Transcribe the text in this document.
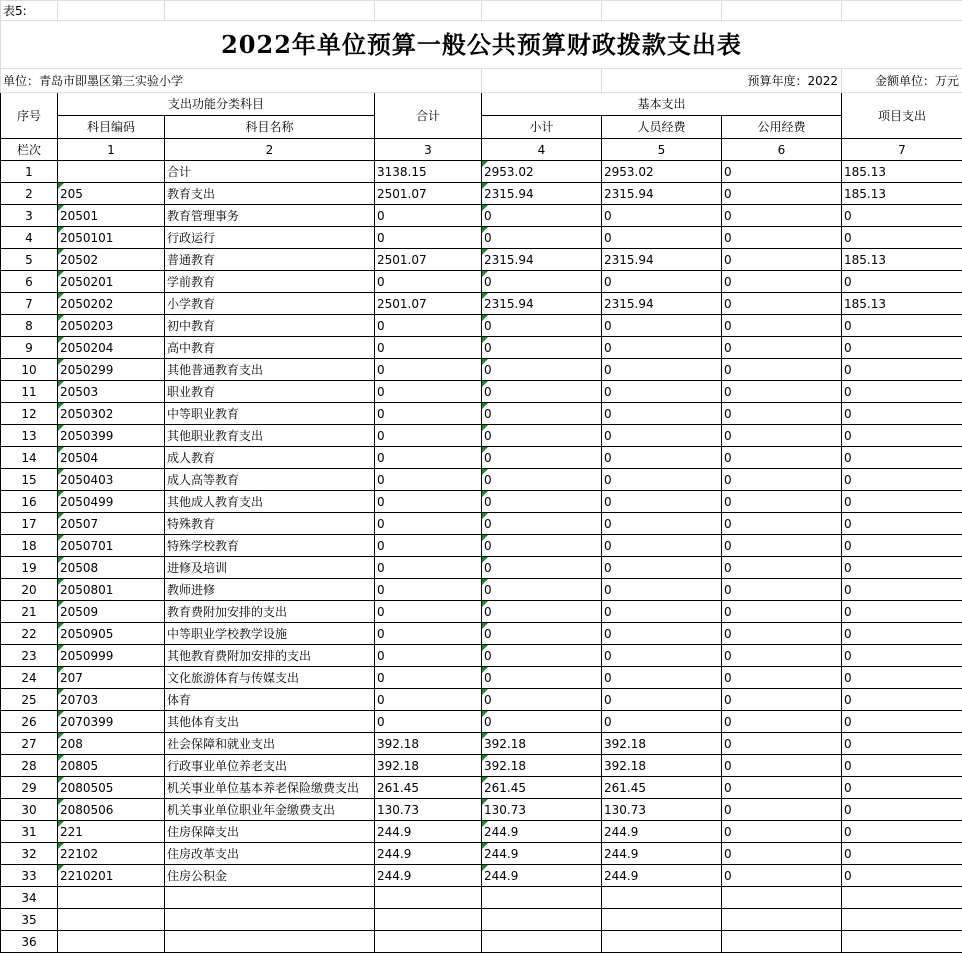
表5:							
2022年单位预算一般公共预算财政拨款支出表							
单位：青岛市即墨区第三实验小学					预算年度：2022		金额单位：万元
序号	支出功能分类科目		合计	基本支出			项目支出
	科目编码	科目名称		小计	人员经费	公用经费	
栏次	1	2	3	4	5	6	7
1		合计	3138.15	2953.02	2953.02	0	185.13
2	205	教育支出	2501.07	2315.94	2315.94	0	185.13
3	20501	教育管理事务	0	0	0	0	0
4	2050101	行政运行	0	0	0	0	0
5	20502	普通教育	2501.07	2315.94	2315.94	0	185.13
6	2050201	学前教育	0	0	0	0	0
7	2050202	小学教育	2501.07	2315.94	2315.94	0	185.13
8	2050203	初中教育	0	0	0	0	0
9	2050204	高中教育	0	0	0	0	0
10	2050299	其他普通教育支出	0	0	0	0	0
11	20503	职业教育	0	0	0	0	0
12	2050302	中等职业教育	0	0	0	0	0
13	2050399	其他职业教育支出	0	0	0	0	0
14	20504	成人教育	0	0	0	0	0
15	2050403	成人高等教育	0	0	0	0	0
16	2050499	其他成人教育支出	0	0	0	0	0
17	20507	特殊教育	0	0	0	0	0
18	2050701	特殊学校教育	0	0	0	0	0
19	20508	进修及培训	0	0	0	0	0
20	2050801	教师进修	0	0	0	0	0
21	20509	教育费附加安排的支出	0	0	0	0	0
22	2050905	中等职业学校教学设施	0	0	0	0	0
23	2050999	其他教育费附加安排的支出	0	0	0	0	0
24	207	文化旅游体育与传媒支出	0	0	0	0	0
25	20703	体育	0	0	0	0	0
26	2070399	其他体育支出	0	0	0	0	0
27	208	社会保障和就业支出	392.18	392.18	392.18	0	0
28	20805	行政事业单位养老支出	392.18	392.18	392.18	0	0
29	2080505	机关事业单位基本养老保险缴费支出	261.45	261.45	261.45	0	0
30	2080506	机关事业单位职业年金缴费支出	130.73	130.73	130.73	0	0
31	221	住房保障支出	244.9	244.9	244.9	0	0
32	22102	住房改革支出	244.9	244.9	244.9	0	0
33	2210201	住房公积金	244.9	244.9	244.9	0	0
34							
35							
36							
